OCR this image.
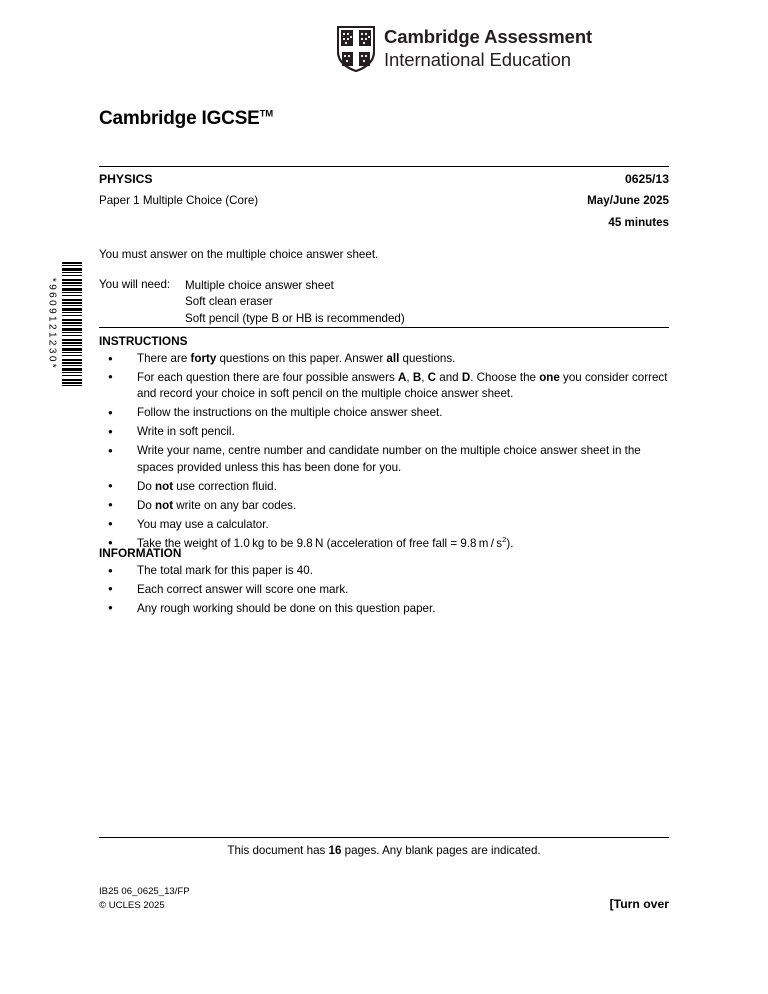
Cambridge Assessment
International Education
*9609121230*
Cambridge IGCSE™
PHYSICS	0625/13
Paper 1 Multiple Choice (Core)	May/June 2025
45 minutes
You must answer on the multiple choice answer sheet.
You will need:	Multiple choice answer sheet
Soft clean eraser
Soft pencil (type B or HB is recommended)
INSTRUCTIONS
● There are forty questions on this paper. Answer all questions.
● For each question there are four possible answers A, B, C and D. Choose the one you consider correct and record your choice in soft pencil on the multiple choice answer sheet.
● Follow the instructions on the multiple choice answer sheet.
● Write in soft pencil.
● Write your name, centre number and candidate number on the multiple choice answer sheet in the spaces provided unless this has been done for you.
● Do not use correction fluid.
● Do not write on any bar codes.
● You may use a calculator.
● Take the weight of 1.0 kg to be 9.8 N (acceleration of free fall = 9.8 m / $s^2$).
INFORMATION
● The total mark for this paper is 40.
● Each correct answer will score one mark.
● Any rough working should be done on this question paper.
This document has 16 pages. Any blank pages are indicated.
IB25 06_0625_13/FP
© UCLES 2025	[Turn over
